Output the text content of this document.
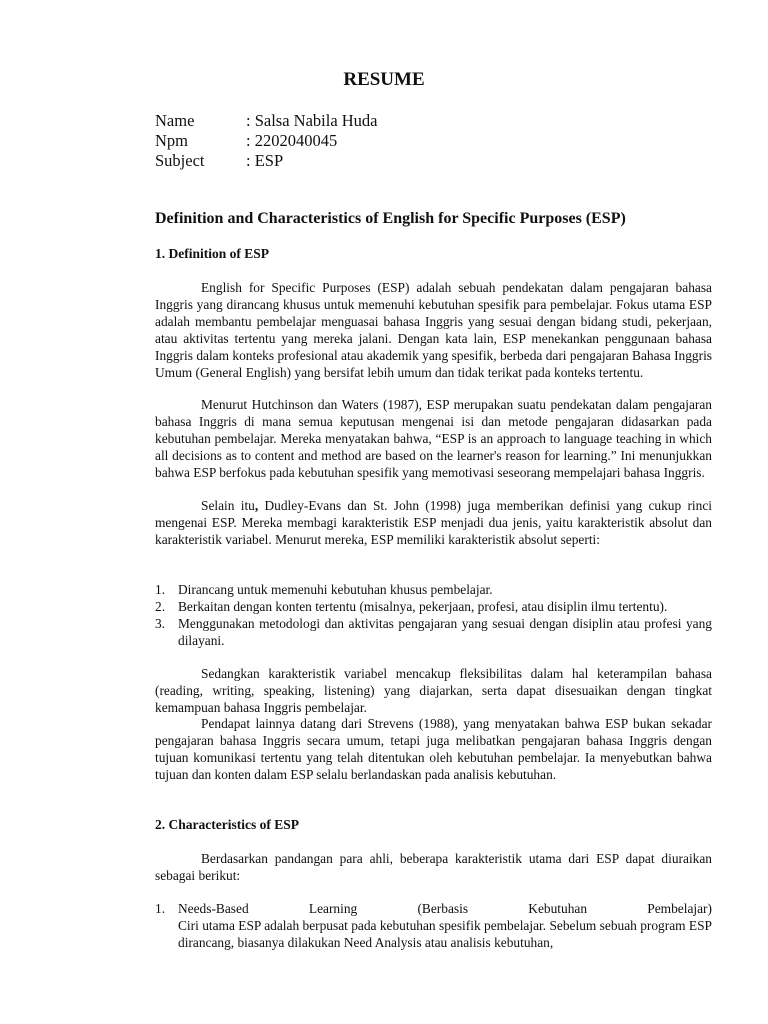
RESUME
Name	: Salsa Nabila Huda
Npm	: 2202040045
Subject	: ESP
Definition and Characteristics of English for Specific Purposes (ESP)
1. Definition of ESP

English for Specific Purposes (ESP) adalah sebuah pendekatan dalam pengajaran bahasa Inggris yang dirancang khusus untuk memenuhi kebutuhan spesifik para pembelajar. Fokus utama ESP adalah membantu pembelajar menguasai bahasa Inggris yang sesuai dengan bidang studi, pekerjaan, atau aktivitas tertentu yang mereka jalani. Dengan kata lain, ESP menekankan penggunaan bahasa Inggris dalam konteks profesional atau akademik yang spesifik, berbeda dari pengajaran Bahasa Inggris Umum (General English) yang bersifat lebih umum dan tidak terikat pada konteks tertentu.

Menurut Hutchinson dan Waters (1987), ESP merupakan suatu pendekatan dalam pengajaran bahasa Inggris di mana semua keputusan mengenai isi dan metode pengajaran didasarkan pada kebutuhan pembelajar. Mereka menyatakan bahwa, “ESP is an approach to language teaching in which all decisions as to content and method are based on the learner's reason for learning.” Ini menunjukkan bahwa ESP berfokus pada kebutuhan spesifik yang memotivasi seseorang mempelajari bahasa Inggris.

Selain itu, Dudley-Evans dan St. John (1998) juga memberikan definisi yang cukup rinci mengenai ESP. Mereka membagi karakteristik ESP menjadi dua jenis, yaitu karakteristik absolut dan karakteristik variabel. Menurut mereka, ESP memiliki karakteristik absolut seperti:

1. Dirancang untuk memenuhi kebutuhan khusus pembelajar.
2. Berkaitan dengan konten tertentu (misalnya, pekerjaan, profesi, atau disiplin ilmu tertentu).
3. Menggunakan metodologi dan aktivitas pengajaran yang sesuai dengan disiplin atau profesi yang dilayani.

Sedangkan karakteristik variabel mencakup fleksibilitas dalam hal keterampilan bahasa (reading, writing, speaking, listening) yang diajarkan, serta dapat disesuaikan dengan tingkat kemampuan bahasa Inggris pembelajar.

Pendapat lainnya datang dari Strevens (1988), yang menyatakan bahwa ESP bukan sekadar pengajaran bahasa Inggris secara umum, tetapi juga melibatkan pengajaran bahasa Inggris dengan tujuan komunikasi tertentu yang telah ditentukan oleh kebutuhan pembelajar. Ia menyebutkan bahwa tujuan dan konten dalam ESP selalu berlandaskan pada analisis kebutuhan.

2. Characteristics of ESP

Berdasarkan pandangan para ahli, beberapa karakteristik utama dari ESP dapat diuraikan sebagai berikut:

1. Needs-Based	Learning	(Berbasis	Kebutuhan	Pembelajar)
Ciri utama ESP adalah berpusat pada kebutuhan spesifik pembelajar. Sebelum sebuah program ESP dirancang, biasanya dilakukan Need Analysis atau analisis kebutuhan,
